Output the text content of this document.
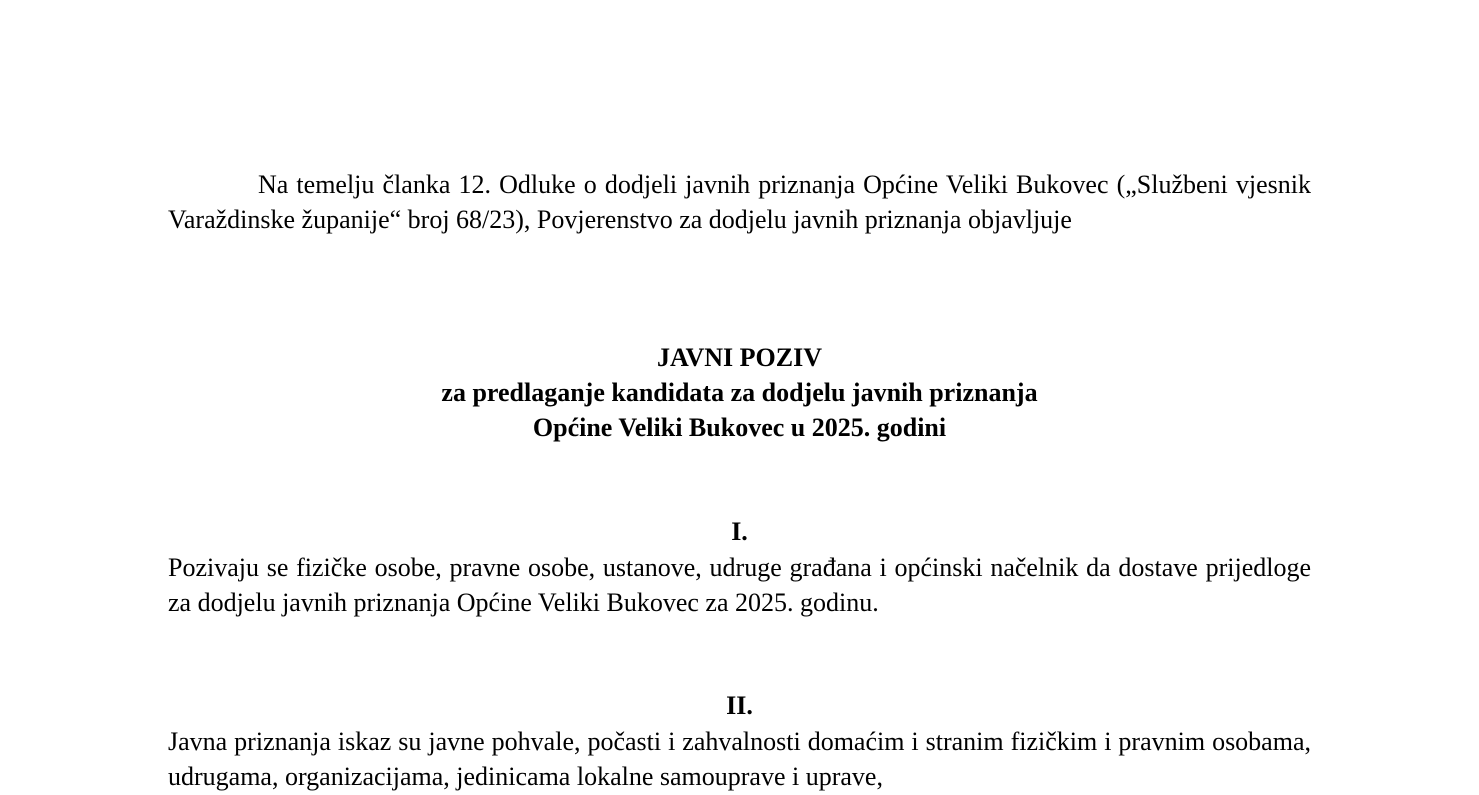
Na temelju članka 12. Odluke o dodjeli javnih priznanja Općine Veliki Bukovec („Službeni vjesnik Varaždinske županije“ broj 68/23), Povjerenstvo za dodjelu javnih priznanja objavljuje

JAVNI POZIV
za predlaganje kandidata za dodjelu javnih priznanja
Općine Veliki Bukovec u 2025. godini
I.

Pozivaju se fizičke osobe, pravne osobe, ustanove, udruge građana i općinski načelnik da dostave prijedloge za dodjelu javnih priznanja Općine Veliki Bukovec za 2025. godinu.

II.

Javna priznanja iskaz su javne pohvale, počasti i zahvalnosti domaćim i stranim fizičkim i pravnim osobama, udrugama, organizacijama, jedinicama lokalne samouprave i uprave,
